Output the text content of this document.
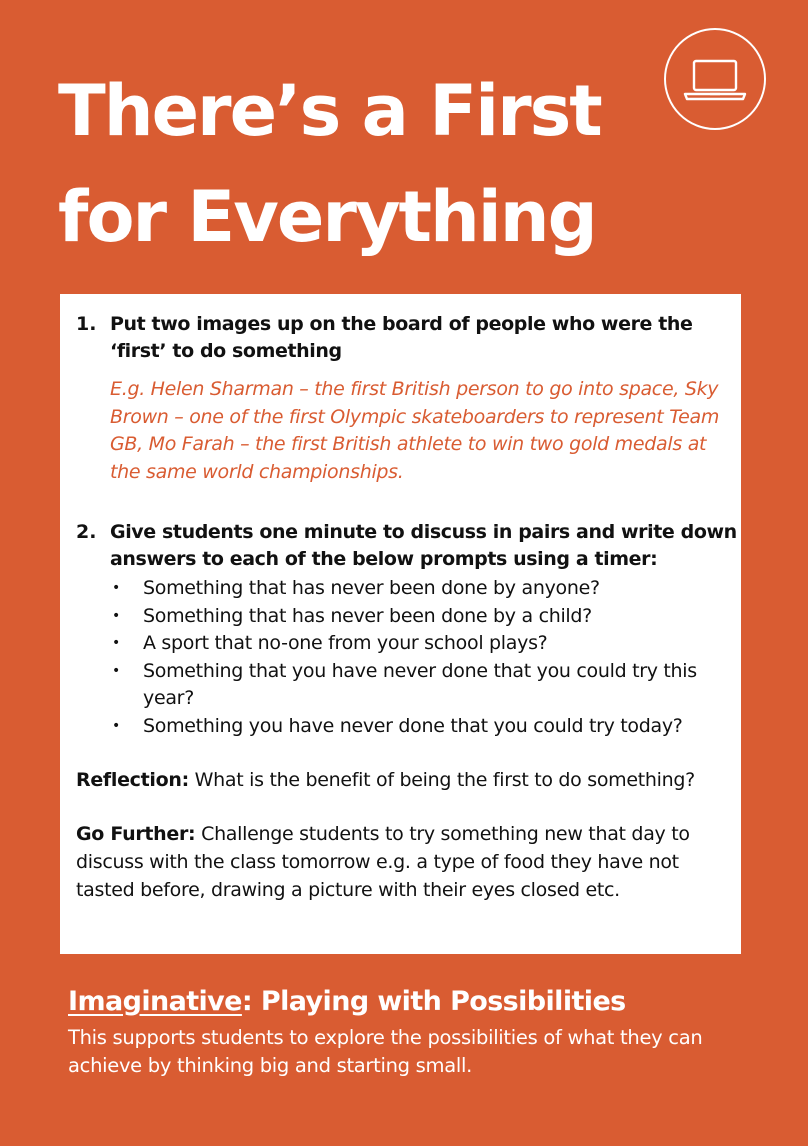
There’s a First
for Everything
1. Put two images up on the board of people who were the ‘first’ to do something

E.g. Helen Sharman – the first British person to go into space, Sky Brown – one of the first Olympic skateboarders to represent Team GB, Mo Farah – the first British athlete to win two gold medals at the same world championships.

2. Give students one minute to discuss in pairs and write down answers to each of the below prompts using a timer:

• Something that has never been done by anyone?
• Something that has never been done by a child?
• A sport that no-one from your school plays?
• Something that you have never done that you could try this year?
• Something you have never done that you could try today?

Reflection: What is the benefit of being the first to do something?

Go Further: Challenge students to try something new that day to discuss with the class tomorrow e.g. a type of food they have not tasted before, drawing a picture with their eyes closed etc.

Imaginative: Playing with Possibilities

This supports students to explore the possibilities of what they can achieve by thinking big and starting small.
